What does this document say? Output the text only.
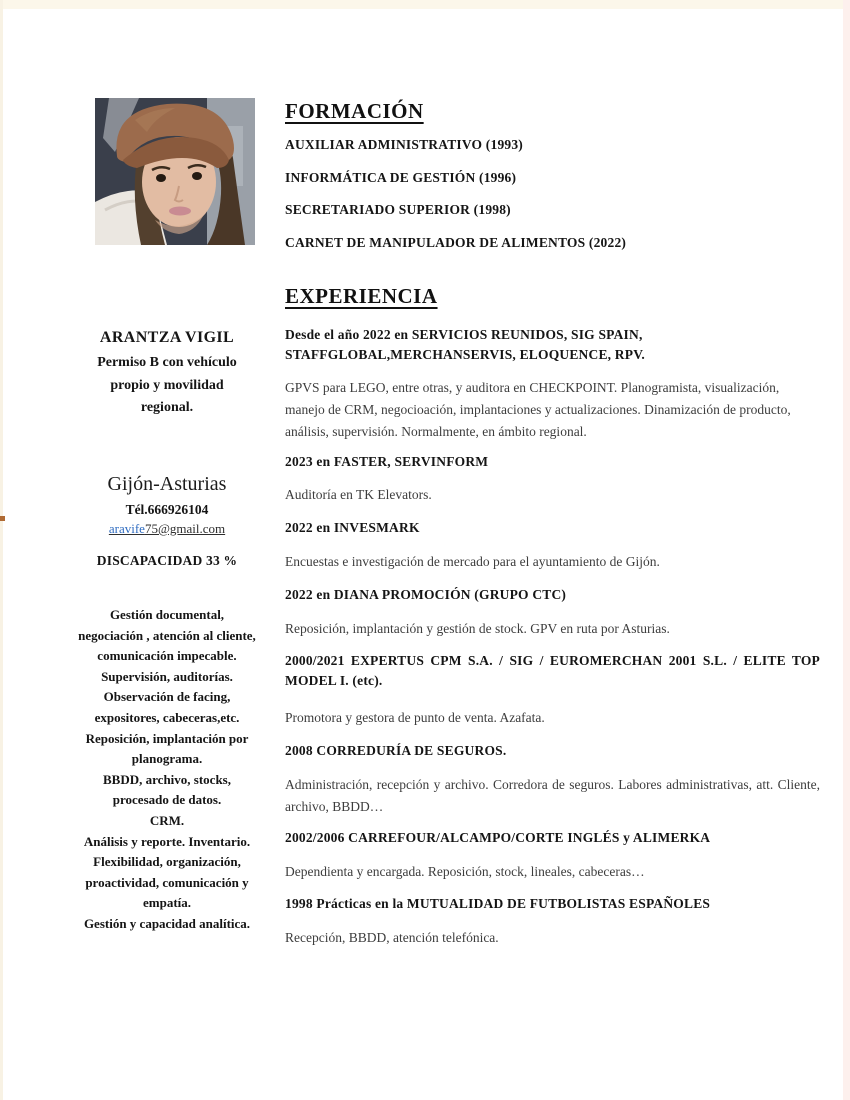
FORMACIÓN
AUXILIAR ADMINISTRATIVO (1993)
INFORMÁTICA DE GESTIÓN (1996)
SECRETARIADO SUPERIOR (1998)
CARNET DE MANIPULADOR DE ALIMENTOS (2022)
EXPERIENCIA
Desde el año 2022 en SERVICIOS REUNIDOS, SIG SPAIN, STAFFGLOBAL,MERCHANSERVIS, ELOQUENCE, RPV.
GPVS para LEGO, entre otras, y auditora en CHECKPOINT. Planogramista, visualización, manejo de CRM, negocioación, implantaciones y actualizaciones. Dinamización de producto, análisis, supervisión. Normalmente, en ámbito regional.
2023 en FASTER, SERVINFORM
Auditoría en TK Elevators.
2022 en INVESMARK
Encuestas e investigación de mercado para el ayuntamiento de Gijón.
2022 en DIANA PROMOCIÓN (GRUPO CTC)
Reposición, implantación y gestión de stock. GPV en ruta por Asturias.
2000/2021 EXPERTUS CPM S.A. / SIG / EUROMERCHAN 2001 S.L. / ELITE TOP MODEL I. (etc).
Promotora y gestora de punto de venta. Azafata.
2008 CORREDURÍA DE SEGUROS.
Administración, recepción y archivo. Corredora de seguros. Labores administrativas, att. Cliente, archivo, BBDD…
2002/2006 CARREFOUR/ALCAMPO/CORTE INGLÉS y ALIMERKA
Dependienta y encargada. Reposición, stock, lineales, cabeceras…
1998 Prácticas en la MUTUALIDAD DE FUTBOLISTAS ESPAÑOLES
Recepción, BBDD, atención telefónica.
ARANTZA VIGIL
Permiso B con vehículo
propio y movilidad
regional.
Gijón-Asturias
Tél.666926104
aravife75@gmail.com
DISCAPACIDAD 33 %
Gestión documental,
negociación , atención al cliente,
comunicación impecable.
Supervisión, auditorías.
Observación de facing,
expositores, cabeceras,etc.
Reposición, implantación por
planograma.
BBDD, archivo, stocks,
procesado de datos.
CRM.
Análisis y reporte. Inventario.
Flexibilidad, organización,
proactividad, comunicación y
empatía.
Gestión y capacidad analítica.
